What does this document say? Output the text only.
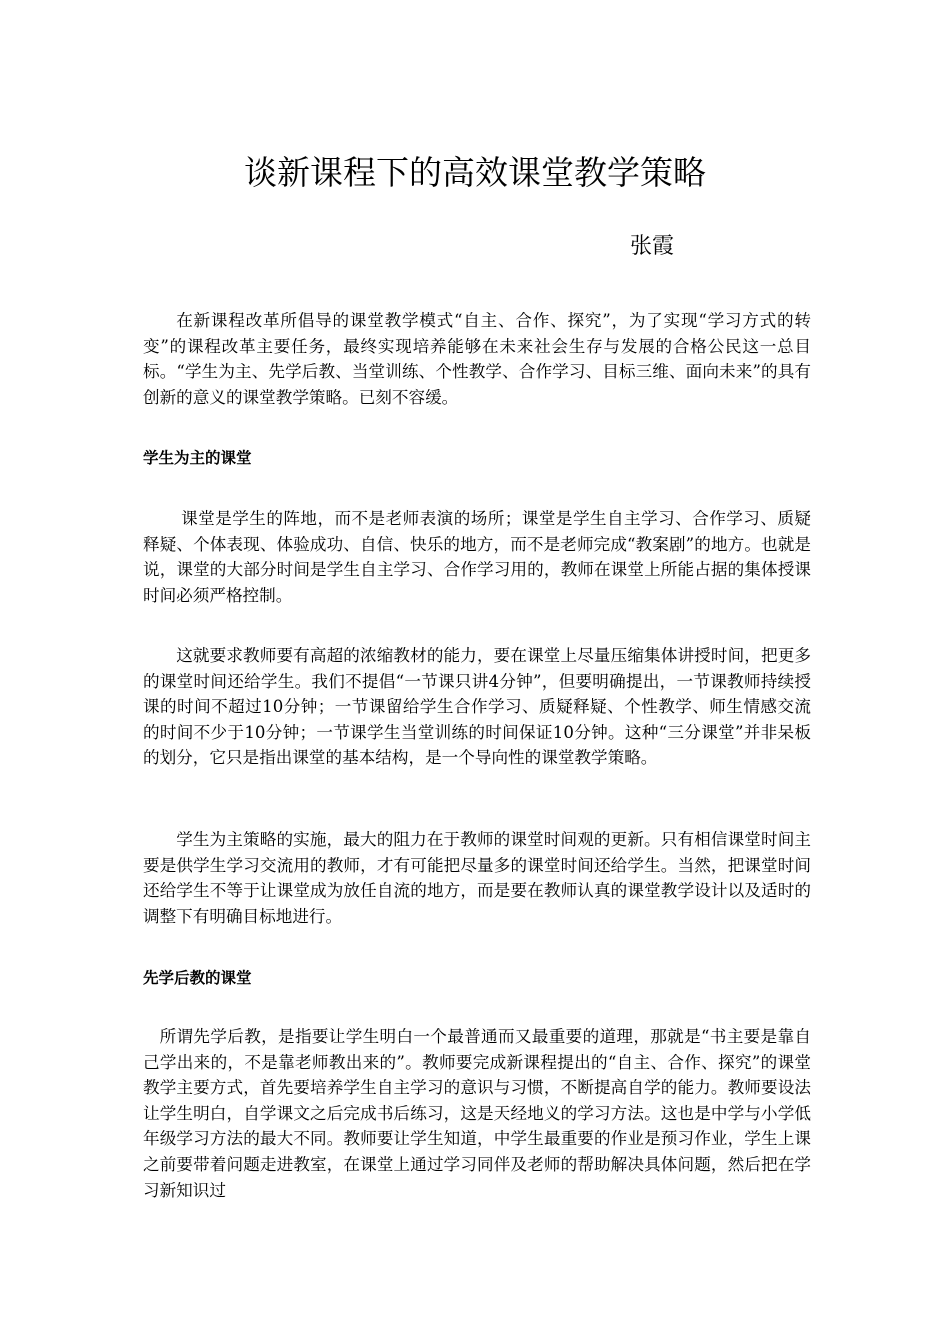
谈新课程下的高效课堂教学策略

张霞

在新课程改革所倡导的课堂教学模式“自主、合作、探究”，为了实现“学习方式的转变”的课程改革主要任务，最终实现培养能够在未来社会生存与发展的合格公民这一总目标。“学生为主、先学后教、当堂训练、个性教学、合作学习、目标三维、面向未来”的具有创新的意义的课堂教学策略。已刻不容缓。

学生为主的课堂

课堂是学生的阵地，而不是老师表演的场所；课堂是学生自主学习、合作学习、质疑释疑、个体表现、体验成功、自信、快乐的地方，而不是老师完成“教案剧”的地方。也就是说，课堂的大部分时间是学生自主学习、合作学习用的，教师在课堂上所能占据的集体授课时间必须严格控制。

这就要求教师要有高超的浓缩教材的能力，要在课堂上尽量压缩集体讲授时间，把更多的课堂时间还给学生。我们不提倡“一节课只讲4分钟”，但要明确提出，一节课教师持续授课的时间不超过10分钟；一节课留给学生合作学习、质疑释疑、个性教学、师生情感交流的时间不少于10分钟；一节课学生当堂训练的时间保证10分钟。这种“三分课堂”并非呆板的划分，它只是指出课堂的基本结构，是一个导向性的课堂教学策略。

学生为主策略的实施，最大的阻力在于教师的课堂时间观的更新。只有相信课堂时间主要是供学生学习交流用的教师，才有可能把尽量多的课堂时间还给学生。当然，把课堂时间还给学生不等于让课堂成为放任自流的地方，而是要在教师认真的课堂教学设计以及适时的调整下有明确目标地进行。

先学后教的课堂

所谓先学后教，是指要让学生明白一个最普通而又最重要的道理，那就是“书主要是靠自己学出来的，不是靠老师教出来的”。教师要完成新课程提出的“自主、合作、探究”的课堂教学主要方式，首先要培养学生自主学习的意识与习惯，不断提高自学的能力。教师要设法让学生明白，自学课文之后完成书后练习，这是天经地义的学习方法。这也是中学与小学低年级学习方法的最大不同。教师要让学生知道，中学生最重要的作业是预习作业，学生上课之前要带着问题走进教室，在课堂上通过学习同伴及老师的帮助解决具体问题，然后把在学习新知识过
